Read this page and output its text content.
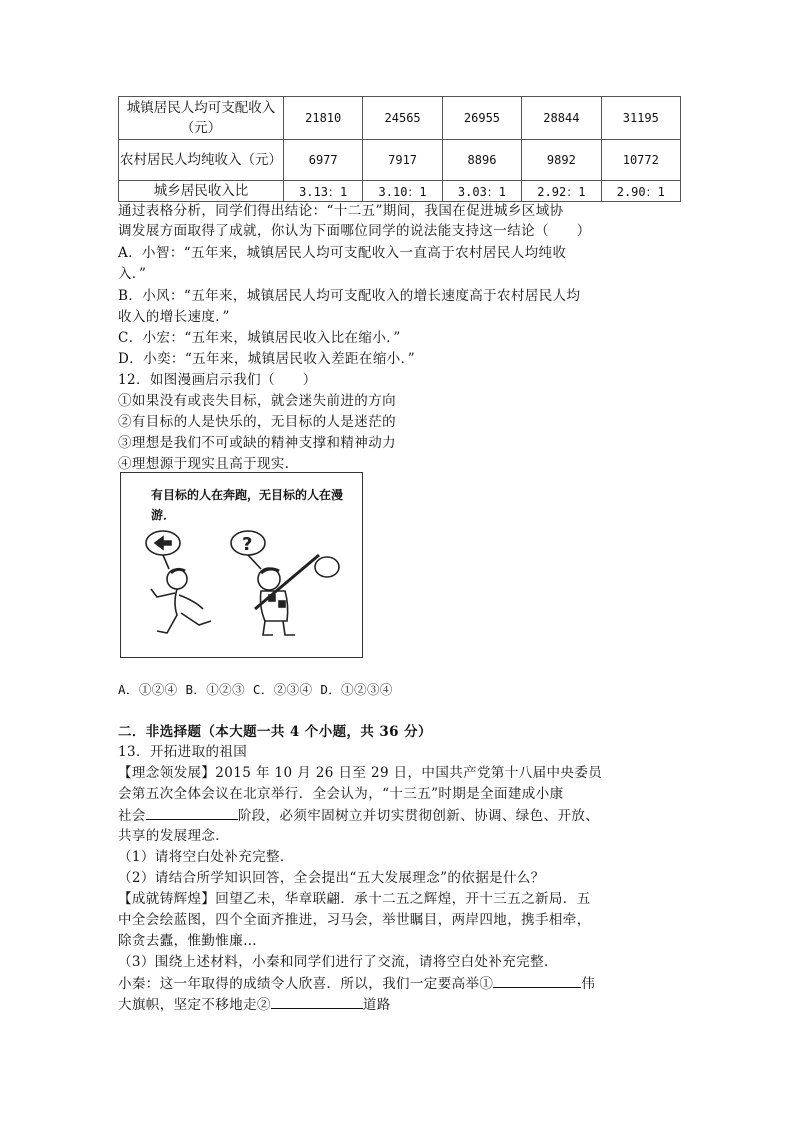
城镇居民人均可支配收入（元）	21810	24565	26955	28844	31195
农村居民人均纯收入（元）	6977	7917	8896	9892	10772
城乡居民收入比	3.13：1	3.10：1	3.03：1	2.92：1	2.90：1
通过表格分析，同学们得出结论：“十二五”期间，我国在促进城乡区域协
调发展方面取得了成就，你认为下面哪位同学的说法能支持这一结论（　　）
A．小智：“五年来，城镇居民人均可支配收入一直高于农村居民人均纯收
入．”
B．小风：“五年来，城镇居民人均可支配收入的增长速度高于农村居民人均
收入的增长速度．”
C．小宏：“五年来，城镇居民收入比在缩小．”
D．小奕：“五年来，城镇居民收入差距在缩小．”
12．如图漫画启示我们（　　）
①如果没有或丧失目标，就会迷失前进的方向
②有目标的人是快乐的，无目标的人是迷茫的
③理想是我们不可或缺的精神支撑和精神动力
④理想源于现实且高于现实．
?
有目标的人在奔跑，无目标的人在漫游．
A．①②④ B．①②③ C．②③④ D．①②③④
二．非选择题（本大题一共 4 个小题，共 36 分）
13．开拓进取的祖国
【理念领发展】2015 年 10 月 26 日至 29 日，中国共产党第十八届中央委员
会第五次全体会议在北京举行．全会认为，“十三五”时期是全面建成小康
社会	阶段，必须牢固树立并切实贯彻创新、协调、绿色、开放、
共享的发展理念．
（1）请将空白处补充完整．
（2）请结合所学知识回答，全会提出“五大发展理念”的依据是什么？
【成就铸辉煌】回望乙未，华章联翩．承十二五之辉煌，开十三五之新局．五
中全会绘蓝图，四个全面齐推进，习马会，举世瞩目，两岸四地，携手相牵，
除贪去蠹，惟勤惟廉…
（3）围绕上述材料，小秦和同学们进行了交流，请将空白处补充完整．
小秦：这一年取得的成绩令人欣喜．所以，我们一定要高举①	伟
大旗帜，坚定不移地走②	道路
